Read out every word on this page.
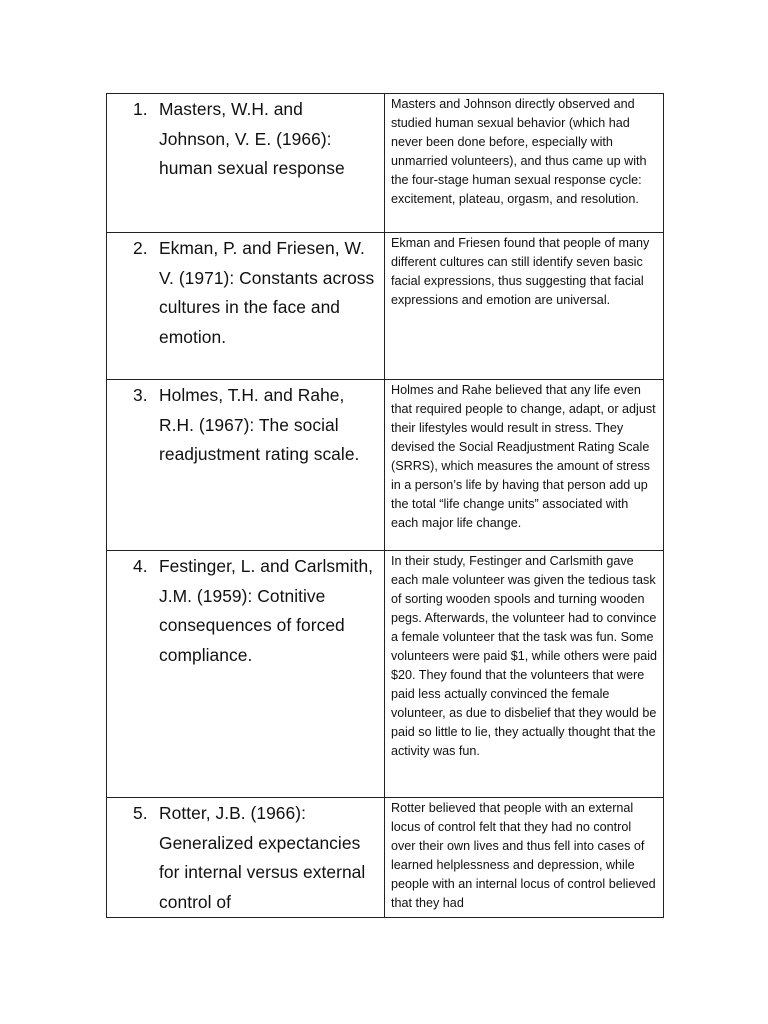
1. Masters, W.H. and Johnson, V. E. (1966): human sexual response	Masters and Johnson directly observed and studied human sexual behavior (which had never been done before, especially with unmarried volunteers), and thus came up with the four-stage human sexual response cycle: excitement, plateau, orgasm, and resolution.

2. Ekman, P. and Friesen, W. V. (1971): Constants across cultures in the face and emotion.	Ekman and Friesen found that people of many different cultures can still identify seven basic facial expressions, thus suggesting that facial expressions and emotion are universal.

3. Holmes, T.H. and Rahe, R.H. (1967): The social readjustment rating scale.	Holmes and Rahe believed that any life even that required people to change, adapt, or adjust their lifestyles would result in stress. They devised the Social Readjustment Rating Scale (SRRS), which measures the amount of stress in a person’s life by having that person add up the total “life change units” associated with each major life change.

4. Festinger, L. and Carlsmith, J.M. (1959): Cotnitive consequences of forced compliance.	In their study, Festinger and Carlsmith gave each male volunteer was given the tedious task of sorting wooden spools and turning wooden pegs. Afterwards, the volunteer had to convince a female volunteer that the task was fun. Some volunteers were paid $1, while others were paid $20. They found that the volunteers that were paid less actually convinced the female volunteer, as due to disbelief that they would be paid so little to lie, they actually thought that the activity was fun.

5. Rotter, J.B. (1966): Generalized expectancies for internal versus external control of	Rotter believed that people with an external locus of control felt that they had no control over their own lives and thus fell into cases of learned helplessness and depression, while people with an internal locus of control believed that they had
